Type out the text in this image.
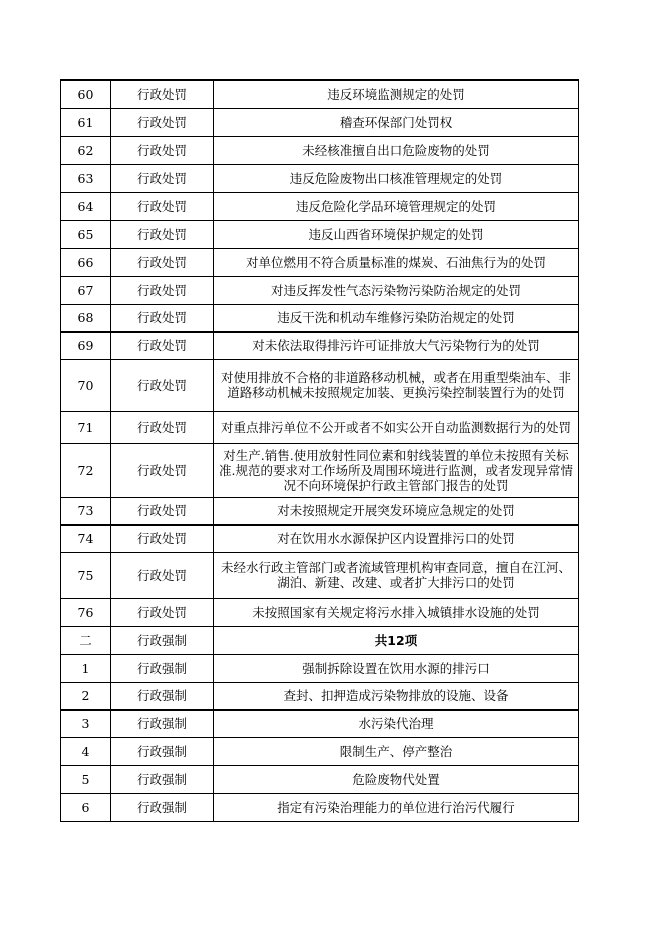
60	行政处罚	违反环境监测规定的处罚
61	行政处罚	稽查环保部门处罚权
62	行政处罚	未经核准擅自出口危险废物的处罚
63	行政处罚	违反危险废物出口核准管理规定的处罚
64	行政处罚	违反危险化学品环境管理规定的处罚
65	行政处罚	违反山西省环境保护规定的处罚
66	行政处罚	对单位燃用不符合质量标准的煤炭、石油焦行为的处罚
67	行政处罚	对违反挥发性气态污染物污染防治规定的处罚
68	行政处罚	违反干洗和机动车维修污染防治规定的处罚
69	行政处罚	对未依法取得排污许可证排放大气污染物行为的处罚
70	行政处罚	对使用排放不合格的非道路移动机械，或者在用重型柴油车、非道路移动机械未按照规定加装、更换污染控制装置行为的处罚
71	行政处罚	对重点排污单位不公开或者不如实公开自动监测数据行为的处罚
72	行政处罚	对生产.销售.使用放射性同位素和射线装置的单位未按照有关标准.规范的要求对工作场所及周围环境进行监测，或者发现异常情况不向环境保护行政主管部门报告的处罚
73	行政处罚	对未按照规定开展突发环境应急规定的处罚
74	行政处罚	对在饮用水水源保护区内设置排污口的处罚
75	行政处罚	未经水行政主管部门或者流域管理机构审查同意，擅自在江河、湖泊、新建、改建、或者扩大排污口的处罚
76	行政处罚	未按照国家有关规定将污水排入城镇排水设施的处罚
二	行政强制	共12项
1	行政强制	强制拆除设置在饮用水源的排污口
2	行政强制	查封、扣押造成污染物排放的设施、设备
3	行政强制	水污染代治理
4	行政强制	限制生产、停产整治
5	行政强制	危险废物代处置
6	行政强制	指定有污染治理能力的单位进行治污代履行
